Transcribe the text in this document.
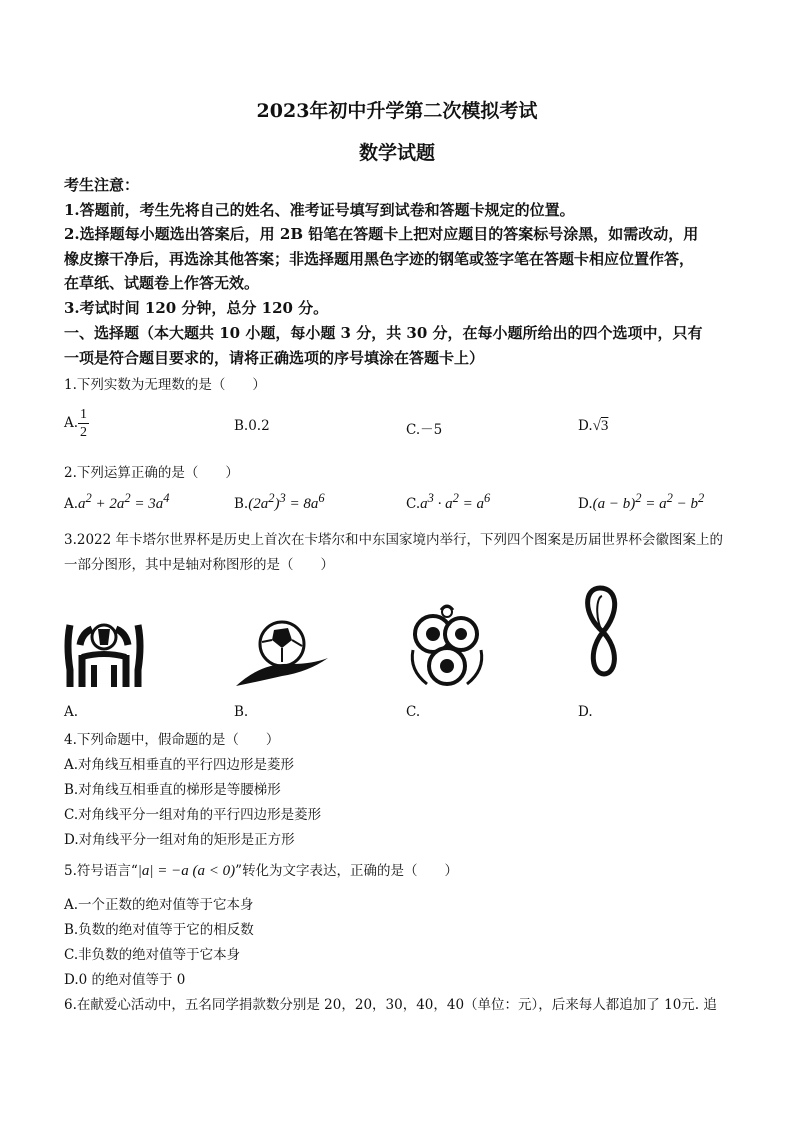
2023年初中升学第二次模拟考试
数学试题
考生注意：
1.答题前，考生先将自己的姓名、准考证号填写到试卷和答题卡规定的位置。
2.选择题每小题选出答案后，用 2B 铅笔在答题卡上把对应题目的答案标号涂黑，如需改动，用
橡皮擦干净后，再选涂其他答案；非选择题用黑色字迹的钢笔或签字笔在答题卡相应位置作答，
在草纸、试题卷上作答无效。
3.考试时间 120 分钟，总分 120 分。
一、选择题（本大题共 10 小题，每小题 3 分，共 30 分，在每小题所给出的四个选项中，只有
一项是符合题目要求的，请将正确选项的序号填涂在答题卡上）
1.下列实数为无理数的是（　　）
A. $\frac{1}{2}$	B.0.2	C.－5	D.√3
2.下列运算正确的是（　　）
$A.a^2 + 2a^2 = 3a^4$	$B.(2a^2)^3 = 8a^6$	$C.a^3 \cdot a^2 = a^6$	$D.(a - b)^2 = a^2 - b^2$
3.2022 年卡塔尔世界杯是历史上首次在卡塔尔和中东国家境内举行，下列四个图案是历届世界杯会徽图案上的
一部分图形，其中是轴对称图形的是（　　）
A.	B.	C.	D.
4.下列命题中，假命题的是（　　）
A.对角线互相垂直的平行四边形是菱形
B.对角线互相垂直的梯形是等腰梯形
C.对角线平分一组对角的平行四边形是菱形
D.对角线平分一组对角的矩形是正方形
5.符号语言“|a| = −a (a < 0)”转化为文字表达，正确的是（　　）
A.一个正数的绝对值等于它本身
B.负数的绝对值等于它的相反数
C.非负数的绝对值等于它本身
D.0 的绝对值等于 0
6.在献爱心活动中，五名同学捐款数分别是 20，20，30，40，40（单位：元），后来每人都追加了 10元. 追
